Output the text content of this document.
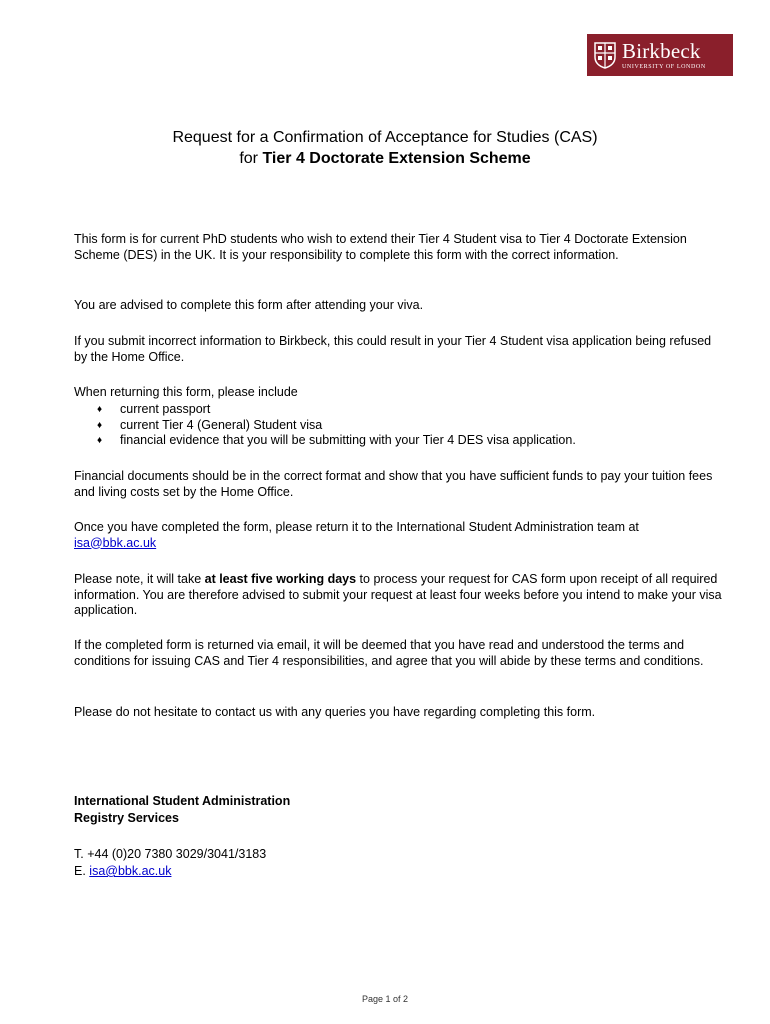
Birkbeck
UNIVERSITY OF LONDON
Request for a Confirmation of Acceptance for Studies (CAS)
for Tier 4 Doctorate Extension Scheme

This form is for current PhD students who wish to extend their Tier 4 Student visa to Tier 4 Doctorate Extension Scheme (DES) in the UK. It is your responsibility to complete this form with the correct information.

You are advised to complete this form after attending your viva.

If you submit incorrect information to Birkbeck, this could result in your Tier 4 Student visa application being refused by the Home Office.

When returning this form, please include

♦ current passport
♦ current Tier 4 (General) Student visa
♦ financial evidence that you will be submitting with your Tier 4 DES visa application.

Financial documents should be in the correct format and show that you have sufficient funds to pay your tuition fees and living costs set by the Home Office.

Once you have completed the form, please return it to the International Student Administration team at isa@bbk.ac.uk

Please note, it will take at least five working days to process your request for CAS form upon receipt of all required information. You are therefore advised to submit your request at least four weeks before you intend to make your visa application.

If the completed form is returned via email, it will be deemed that you have read and understood the terms and conditions for issuing CAS and Tier 4 responsibilities, and agree that you will abide by these terms and conditions.

Please do not hesitate to contact us with any queries you have regarding completing this form.

International Student Administration

Registry Services

T. +44 (0)20 7380 3029/3041/3183

E. isa@bbk.ac.uk

Page 1 of 2
